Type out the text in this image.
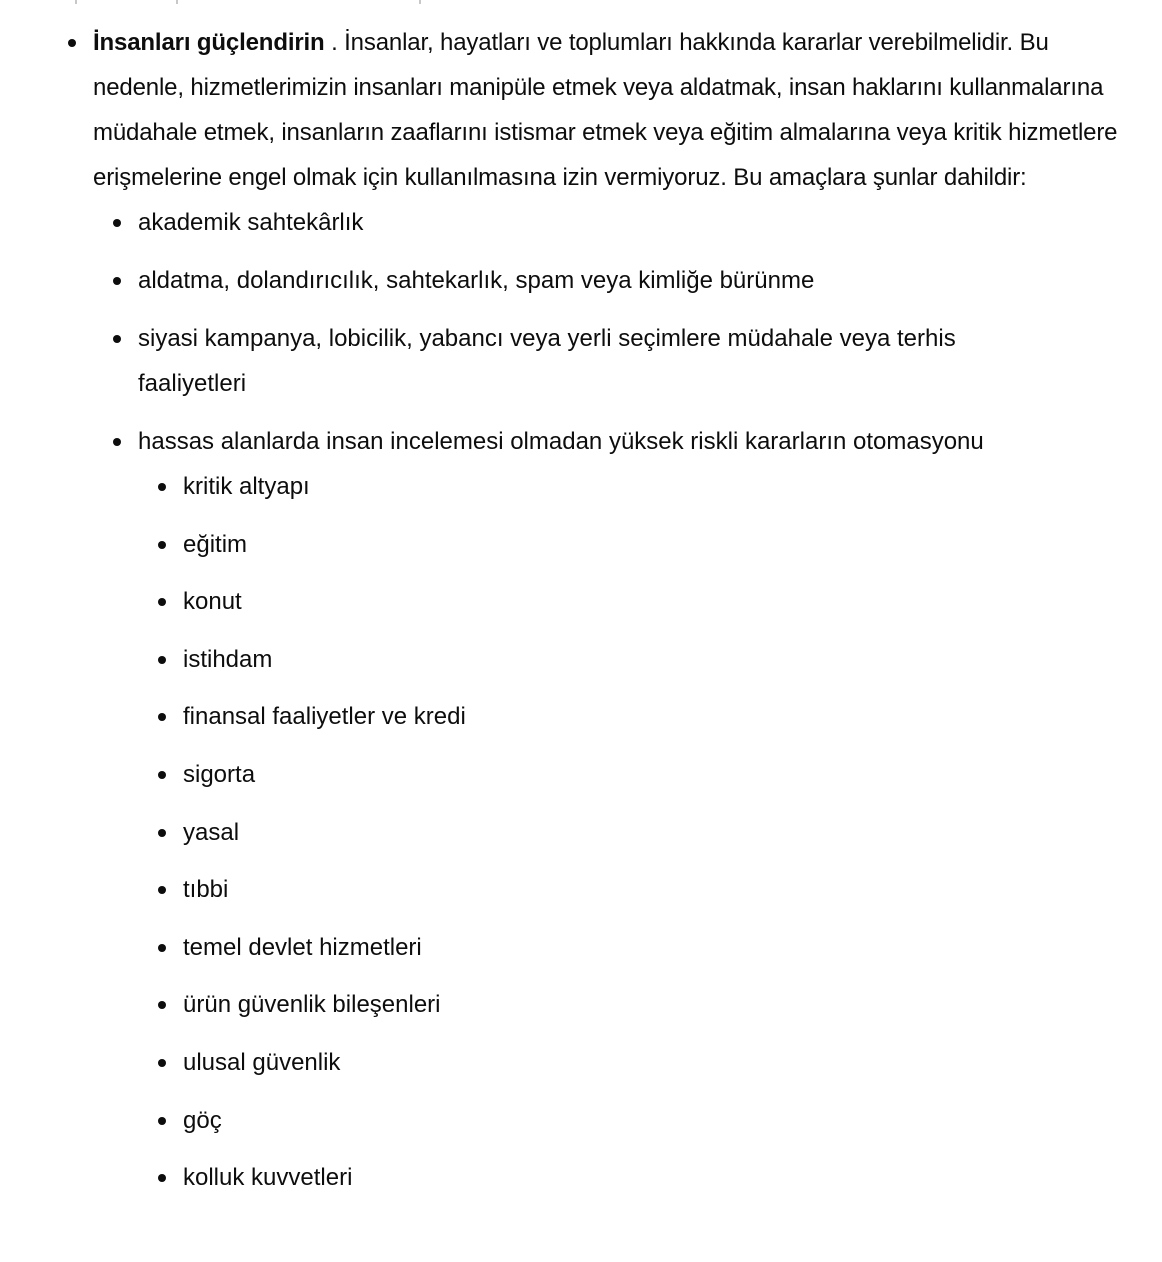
İnsanları güçlendirin . İnsanlar, hayatları ve toplumları hakkında kararlar verebilmelidir. Bu nedenle, hizmetlerimizin insanları manipüle etmek veya aldatmak, insan haklarını kullanmalarına müdahale etmek, insanların zaaflarını istismar etmek veya eğitim almalarına veya kritik hizmetlere erişmelerine engel olmak için kullanılmasına izin vermiyoruz. Bu amaçlara şunlar dahildir:
akademik sahtekârlık
aldatma, dolandırıcılık, sahtekarlık, spam veya kimliğe bürünme
siyasi kampanya, lobicilik, yabancı veya yerli seçimlere müdahale veya terhis faaliyetleri
hassas alanlarda insan incelemesi olmadan yüksek riskli kararların otomasyonu
kritik altyapı
eğitim
konut
istihdam
finansal faaliyetler ve kredi
sigorta
yasal
tıbbi
temel devlet hizmetleri
ürün güvenlik bileşenleri
ulusal güvenlik
göç
kolluk kuvvetleri
